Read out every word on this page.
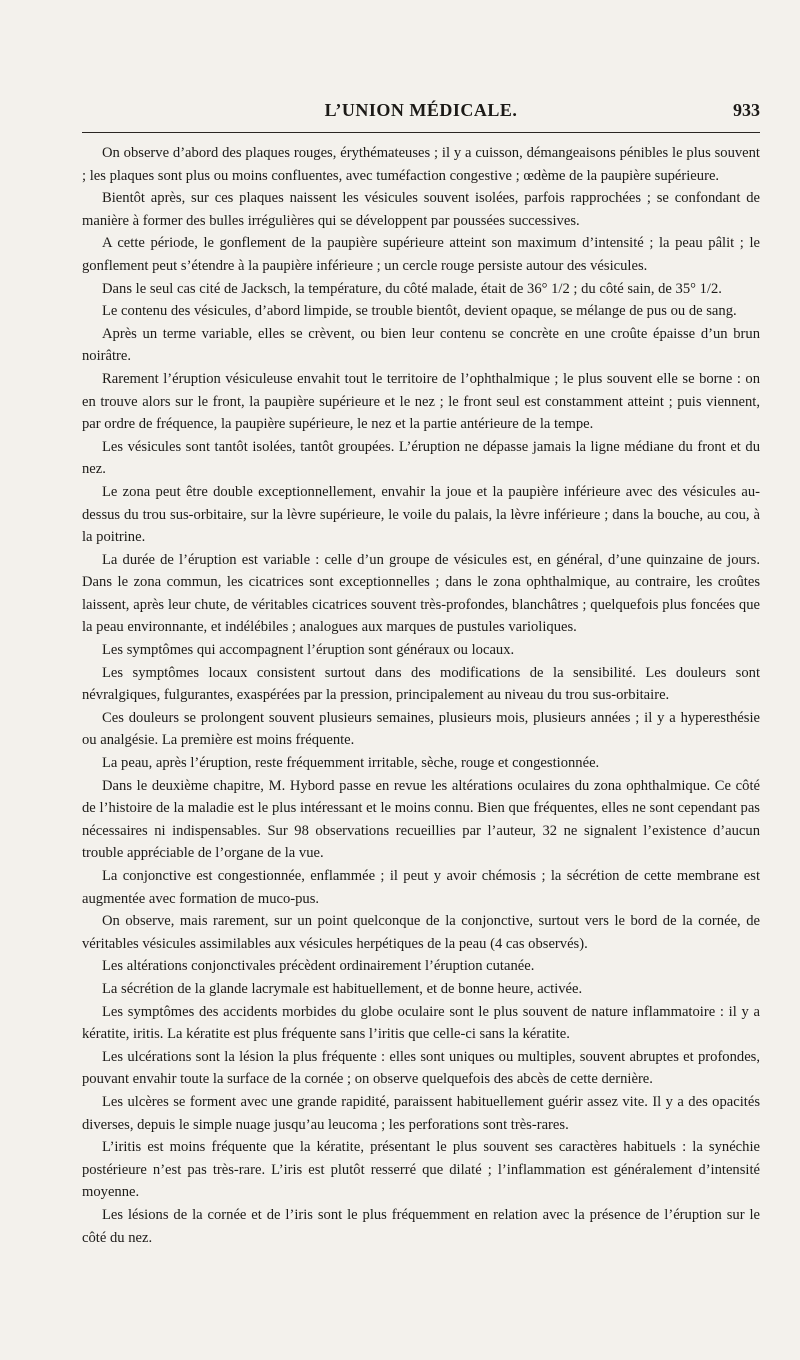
L’UNION MÉDICALE.	933

On observe d’abord des plaques rouges, érythémateuses ; il y a cuisson, démangeaisons pénibles le plus souvent ; les plaques sont plus ou moins confluentes, avec tuméfaction congestive ; œdème de la paupière supérieure.

Bientôt après, sur ces plaques naissent les vésicules souvent isolées, parfois rapprochées ; se confondant de manière à former des bulles irrégulières qui se développent par poussées successives.

A cette période, le gonflement de la paupière supérieure atteint son maximum d’intensité ; la peau pâlit ; le gonflement peut s’étendre à la paupière inférieure ; un cercle rouge persiste autour des vésicules.

Dans le seul cas cité de Jacksch, la température, du côté malade, était de 36° 1/2 ; du côté sain, de 35° 1/2.

Le contenu des vésicules, d’abord limpide, se trouble bientôt, devient opaque, se mélange de pus ou de sang.

Après un terme variable, elles se crèvent, ou bien leur contenu se concrète en une croûte épaisse d’un brun noirâtre.

Rarement l’éruption vésiculeuse envahit tout le territoire de l’ophthalmique ; le plus souvent elle se borne : on en trouve alors sur le front, la paupière supérieure et le nez ; le front seul est constamment atteint ; puis viennent, par ordre de fréquence, la paupière supérieure, le nez et la partie antérieure de la tempe.

Les vésicules sont tantôt isolées, tantôt groupées. L’éruption ne dépasse jamais la ligne médiane du front et du nez.

Le zona peut être double exceptionnellement, envahir la joue et la paupière inférieure avec des vésicules au-dessus du trou sus-orbitaire, sur la lèvre supérieure, le voile du palais, la lèvre inférieure ; dans la bouche, au cou, à la poitrine.

La durée de l’éruption est variable : celle d’un groupe de vésicules est, en général, d’une quinzaine de jours. Dans le zona commun, les cicatrices sont exceptionnelles ; dans le zona ophthalmique, au contraire, les croûtes laissent, après leur chute, de véritables cicatrices souvent très-profondes, blanchâtres ; quelquefois plus foncées que la peau environnante, et indélébiles ; analogues aux marques de pustules varioliques.

Les symptômes qui accompagnent l’éruption sont généraux ou locaux.

Les symptômes locaux consistent surtout dans des modifications de la sensibilité. Les douleurs sont névralgiques, fulgurantes, exaspérées par la pression, principalement au niveau du trou sus-orbitaire.

Ces douleurs se prolongent souvent plusieurs semaines, plusieurs mois, plusieurs années ; il y a hyperesthésie ou analgésie. La première est moins fréquente.

La peau, après l’éruption, reste fréquemment irritable, sèche, rouge et congestionnée.

Dans le deuxième chapitre, M. Hybord passe en revue les altérations oculaires du zona ophthalmique. Ce côté de l’histoire de la maladie est le plus intéressant et le moins connu. Bien que fréquentes, elles ne sont cependant pas nécessaires ni indispensables. Sur 98 observations recueillies par l’auteur, 32 ne signalent l’existence d’aucun trouble appréciable de l’organe de la vue.

La conjonctive est congestionnée, enflammée ; il peut y avoir chémosis ; la sécrétion de cette membrane est augmentée avec formation de muco-pus.

On observe, mais rarement, sur un point quelconque de la conjonctive, surtout vers le bord de la cornée, de véritables vésicules assimilables aux vésicules herpétiques de la peau (4 cas observés).

Les altérations conjonctivales précèdent ordinairement l’éruption cutanée.

La sécrétion de la glande lacrymale est habituellement, et de bonne heure, activée.

Les symptômes des accidents morbides du globe oculaire sont le plus souvent de nature inflammatoire : il y a kératite, iritis. La kératite est plus fréquente sans l’iritis que celle-ci sans la kératite.

Les ulcérations sont la lésion la plus fréquente : elles sont uniques ou multiples, souvent abruptes et profondes, pouvant envahir toute la surface de la cornée ; on observe quelquefois des abcès de cette dernière.

Les ulcères se forment avec une grande rapidité, paraissent habituellement guérir assez vite. Il y a des opacités diverses, depuis le simple nuage jusqu’au leucoma ; les perforations sont très-rares.

L’iritis est moins fréquente que la kératite, présentant le plus souvent ses caractères habituels : la synéchie postérieure n’est pas très-rare. L’iris est plutôt resserré que dilaté ; l’inflammation est généralement d’intensité moyenne.

Les lésions de la cornée et de l’iris sont le plus fréquemment en relation avec la présence de l’éruption sur le côté du nez.
